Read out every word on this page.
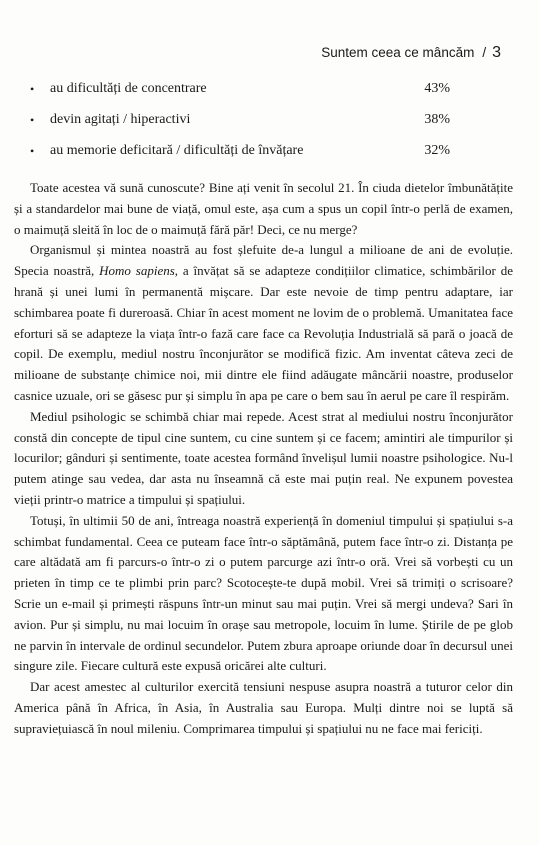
Suntem ceea ce mâncăm / 3
• au dificultăți de concentrare	43%
• devin agitați / hiperactivi	38%
• au memorie deficitară / dificultăți de învățare	32%

Toate acestea vă sună cunoscute? Bine ați venit în secolul 21. În ciuda dietelor îmbunătățite și a standardelor mai bune de viață, omul este, așa cum a spus un copil într-o perlă de examen, o maimuță sleită în loc de o maimuță fără păr! Deci, ce nu merge?

Organismul și mintea noastră au fost șlefuite de-a lungul a milioane de ani de evoluție. Specia noastră, Homo sapiens, a învățat să se adapteze condițiilor climatice, schimbărilor de hrană și unei lumi în permanentă mișcare. Dar este nevoie de timp pentru adaptare, iar schimbarea poate fi dureroasă. Chiar în acest moment ne lovim de o problemă. Umanitatea face eforturi să se adapteze la viața într-o fază care face ca Revoluția Industrială să pară o joacă de copil. De exemplu, mediul nostru înconjurător se modifică fizic. Am inventat câteva zeci de milioane de substanțe chimice noi, mii dintre ele fiind adăugate mâncării noastre, produselor casnice uzuale, ori se găsesc pur și simplu în apa pe care o bem sau în aerul pe care îl respirăm.

Mediul psihologic se schimbă chiar mai repede. Acest strat al mediului nostru înconjurător constă din concepte de tipul cine suntem, cu cine suntem și ce facem; amintiri ale timpurilor și locurilor; gânduri și sentimente, toate acestea formând învelișul lumii noastre psihologice. Nu-l putem atinge sau vedea, dar asta nu înseamnă că este mai puțin real. Ne expunem povestea vieții printr-o matrice a timpului și spațiului.

Totuși, în ultimii 50 de ani, întreaga noastră experiență în domeniul timpului și spațiului s-a schimbat fundamental. Ceea ce puteam face într-o săptămână, putem face într-o zi. Distanța pe care altădată am fi parcurs-o într-o zi o putem parcurge azi într-o oră. Vrei să vorbești cu un prieten în timp ce te plimbi prin parc? Scotocește-te după mobil. Vrei să trimiți o scrisoare? Scrie un e-mail și primești răspuns într-un minut sau mai puțin. Vrei să mergi undeva? Sari în avion. Pur și simplu, nu mai locuim în orașe sau metropole, locuim în lume. Știrile de pe glob ne parvin în intervale de ordinul secundelor. Putem zbura aproape oriunde doar în decursul unei singure zile. Fiecare cultură este expusă oricărei alte culturi.

Dar acest amestec al culturilor exercită tensiuni nespuse asupra noastră a tuturor celor din America până în Africa, în Asia, în Australia sau Europa. Mulți dintre noi se luptă să supraviețuiască în noul mileniu. Comprimarea timpului și spațiului nu ne face mai fericiți.
